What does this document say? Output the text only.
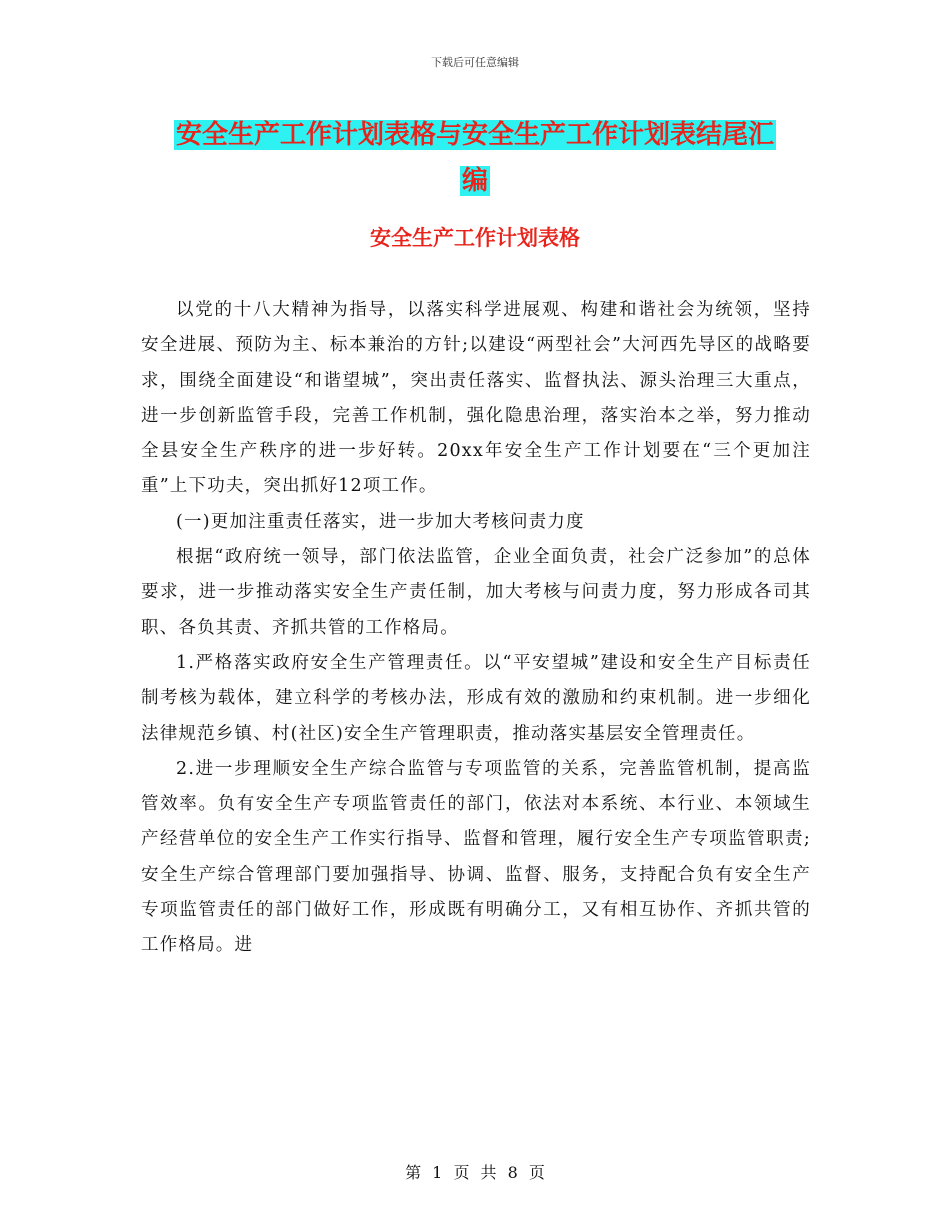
下载后可任意编辑
安全生产工作计划表格与安全生产工作计划表结尾汇
编
安全生产工作计划表格

以党的十八大精神为指导，以落实科学进展观、构建和谐社会为统领，坚持安全进展、预防为主、标本兼治的方针;以建设“两型社会”大河西先导区的战略要求，围绕全面建设“和谐望城”，突出责任落实、监督执法、源头治理三大重点，进一步创新监管手段，完善工作机制，强化隐患治理，落实治本之举，努力推动全县安全生产秩序的进一步好转。20xx年安全生产工作计划要在“三个更加注重”上下功夫，突出抓好12项工作。

(一)更加注重责任落实，进一步加大考核问责力度

根据“政府统一领导，部门依法监管，企业全面负责，社会广泛参加”的总体要求，进一步推动落实安全生产责任制，加大考核与问责力度，努力形成各司其职、各负其责、齐抓共管的工作格局。

1.严格落实政府安全生产管理责任。以“平安望城”建设和安全生产目标责任制考核为载体，建立科学的考核办法，形成有效的激励和约束机制。进一步细化法律规范乡镇、村(社区)安全生产管理职责，推动落实基层安全管理责任。

2.进一步理顺安全生产综合监管与专项监管的关系，完善监管机制，提高监管效率。负有安全生产专项监管责任的部门，依法对本系统、本行业、本领域生产经营单位的安全生产工作实行指导、监督和管理，履行安全生产专项监管职责;安全生产综合管理部门要加强指导、协调、监督、服务，支持配合负有安全生产专项监管责任的部门做好工作，形成既有明确分工，又有相互协作、齐抓共管的工作格局。进

第 1 页 共 8 页
